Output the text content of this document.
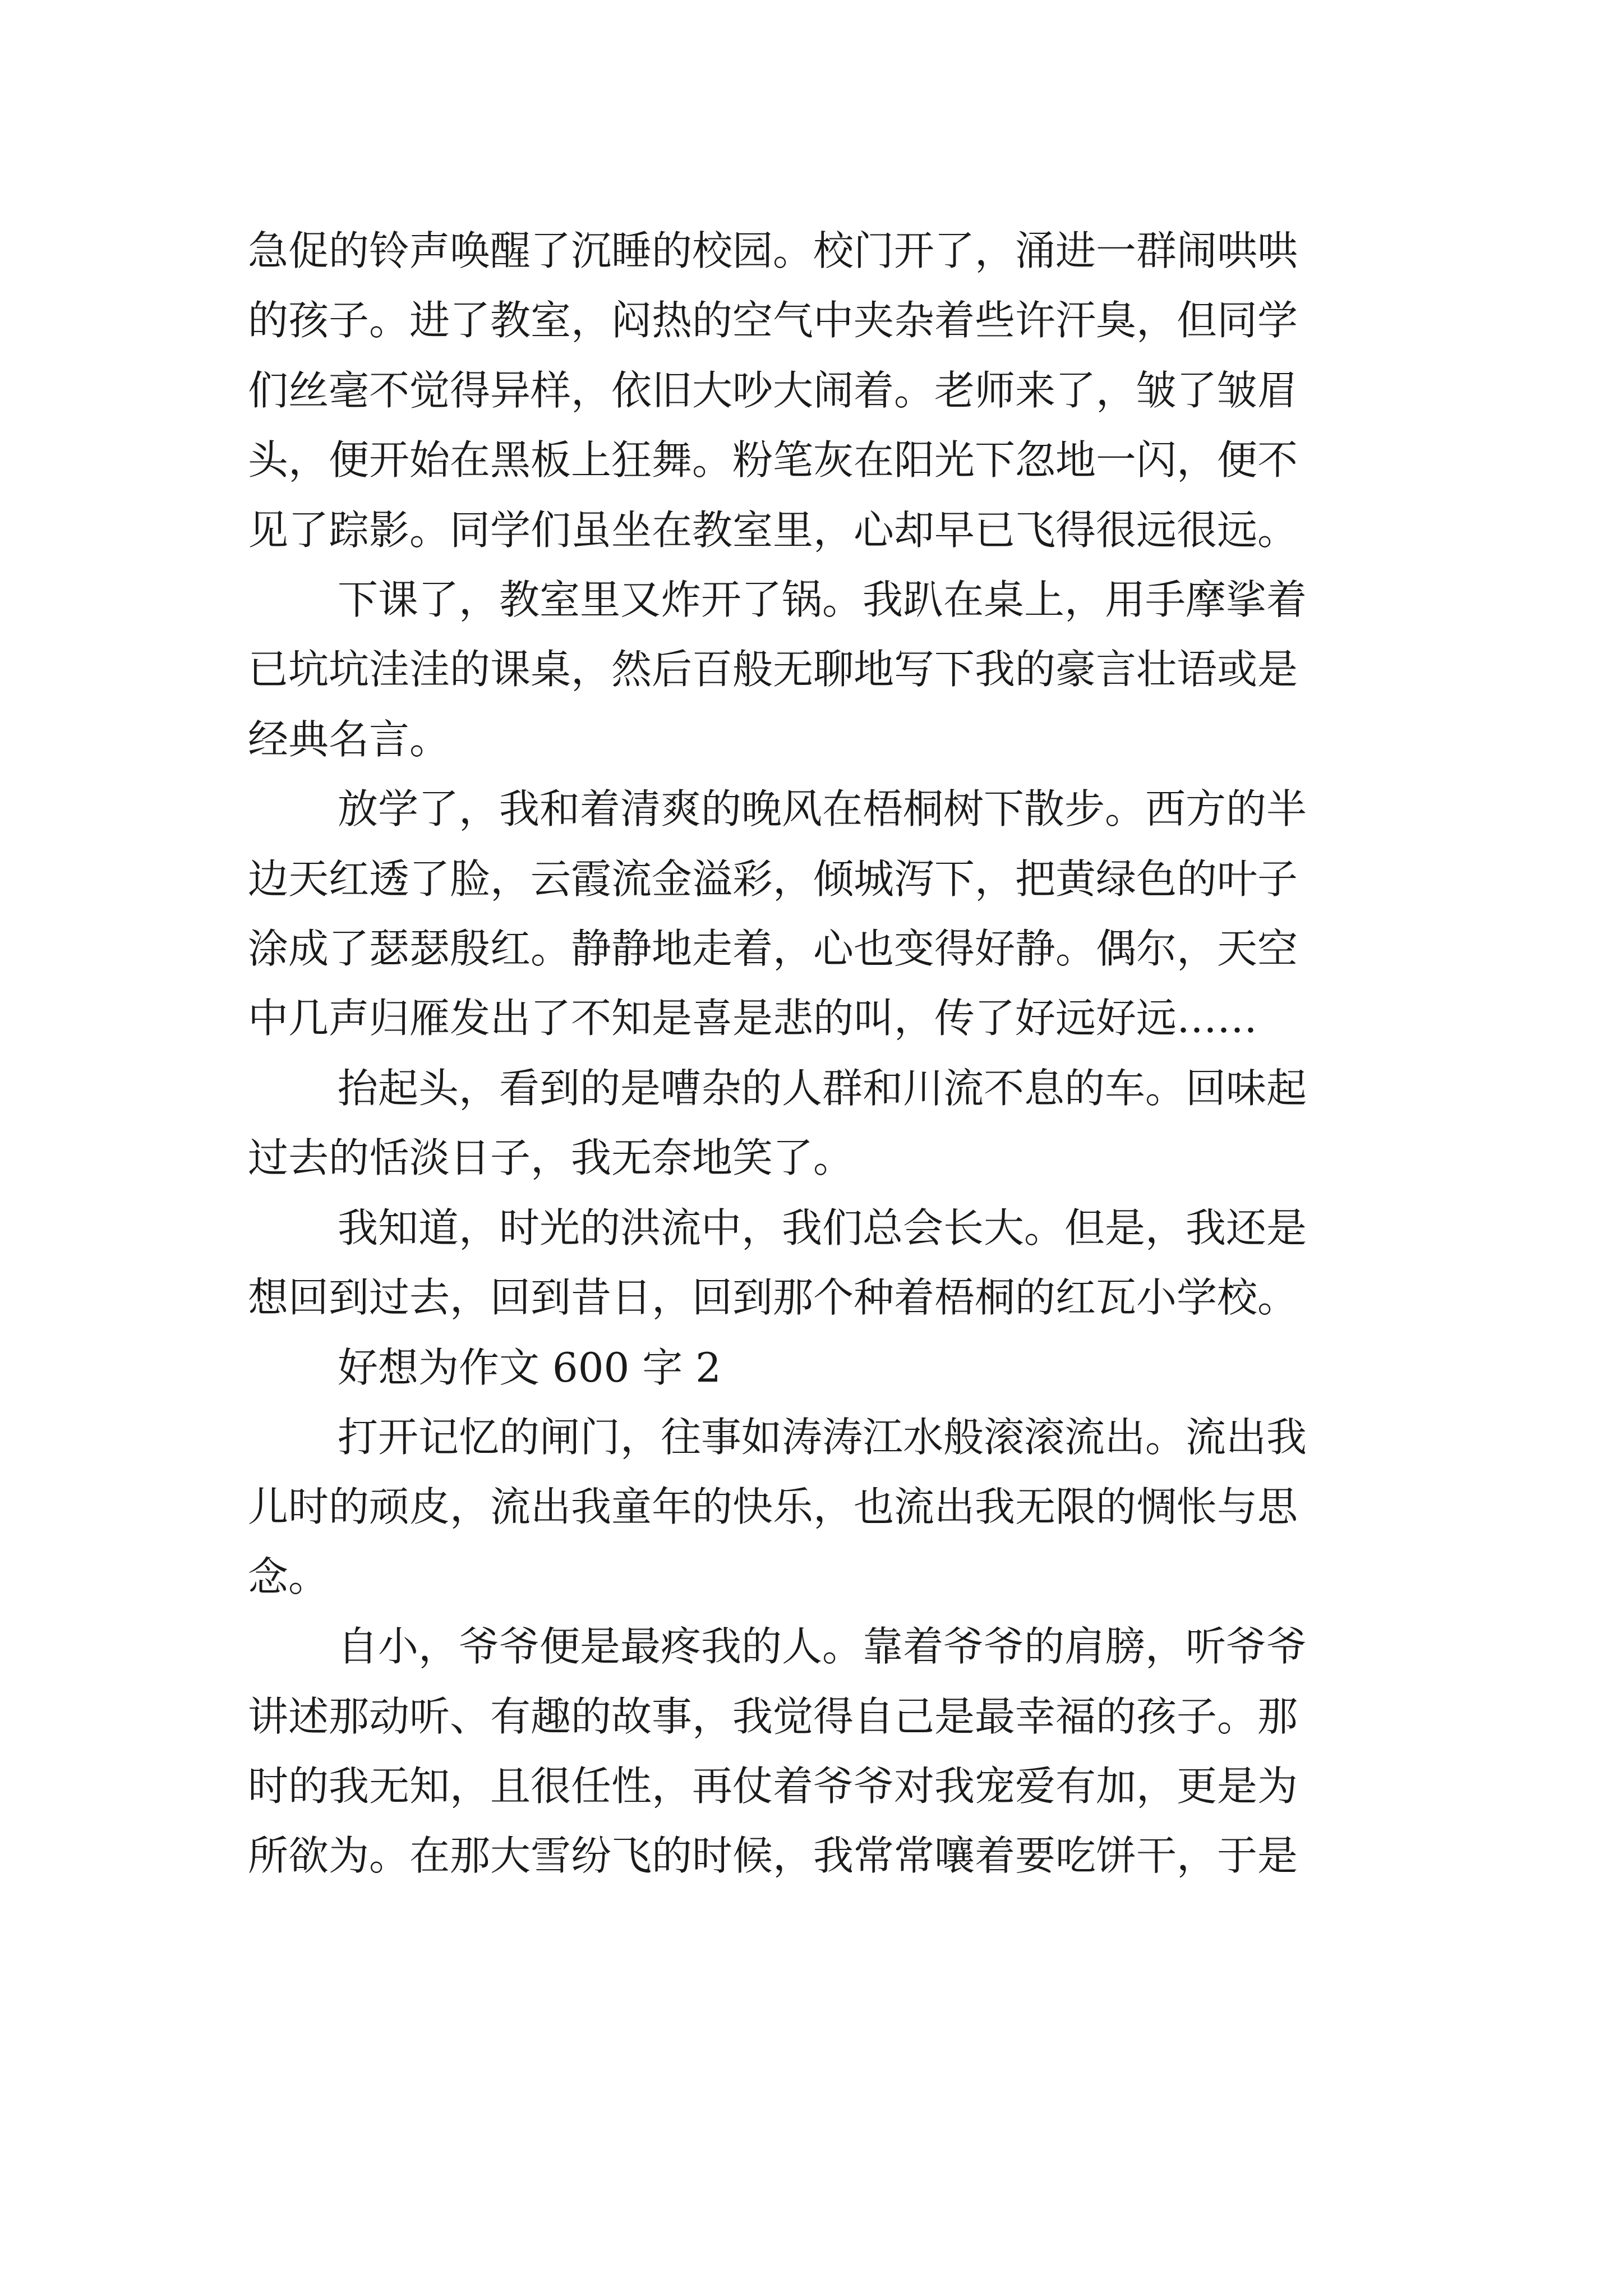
急促的铃声唤醒了沉睡的校园。校门开了，涌进一群闹哄哄
的孩子。进了教室，闷热的空气中夹杂着些许汗臭，但同学
们丝毫不觉得异样，依旧大吵大闹着。老师来了，皱了皱眉
头，便开始在黑板上狂舞。粉笔灰在阳光下忽地一闪，便不
见了踪影。同学们虽坐在教室里，心却早已飞得很远很远。
下课了，教室里又炸开了锅。我趴在桌上，用手摩挲着
已坑坑洼洼的课桌，然后百般无聊地写下我的豪言壮语或是
经典名言。
放学了，我和着清爽的晚风在梧桐树下散步。西方的半
边天红透了脸，云霞流金溢彩，倾城泻下，把黄绿色的叶子
涂成了瑟瑟殷红。静静地走着，心也变得好静。偶尔，天空
中几声归雁发出了不知是喜是悲的叫，传了好远好远……
抬起头，看到的是嘈杂的人群和川流不息的车。回味起
过去的恬淡日子，我无奈地笑了。
我知道，时光的洪流中，我们总会长大。但是，我还是
想回到过去，回到昔日，回到那个种着梧桐的红瓦小学校。
好想为作文 600 字 2
打开记忆的闸门，往事如涛涛江水般滚滚流出。流出我
儿时的顽皮，流出我童年的快乐，也流出我无限的惆怅与思
念。
自小，爷爷便是最疼我的人。靠着爷爷的肩膀，听爷爷
讲述那动听、有趣的故事，我觉得自己是最幸福的孩子。那
时的我无知，且很任性，再仗着爷爷对我宠爱有加，更是为
所欲为。在那大雪纷飞的时候，我常常嚷着要吃饼干，于是
